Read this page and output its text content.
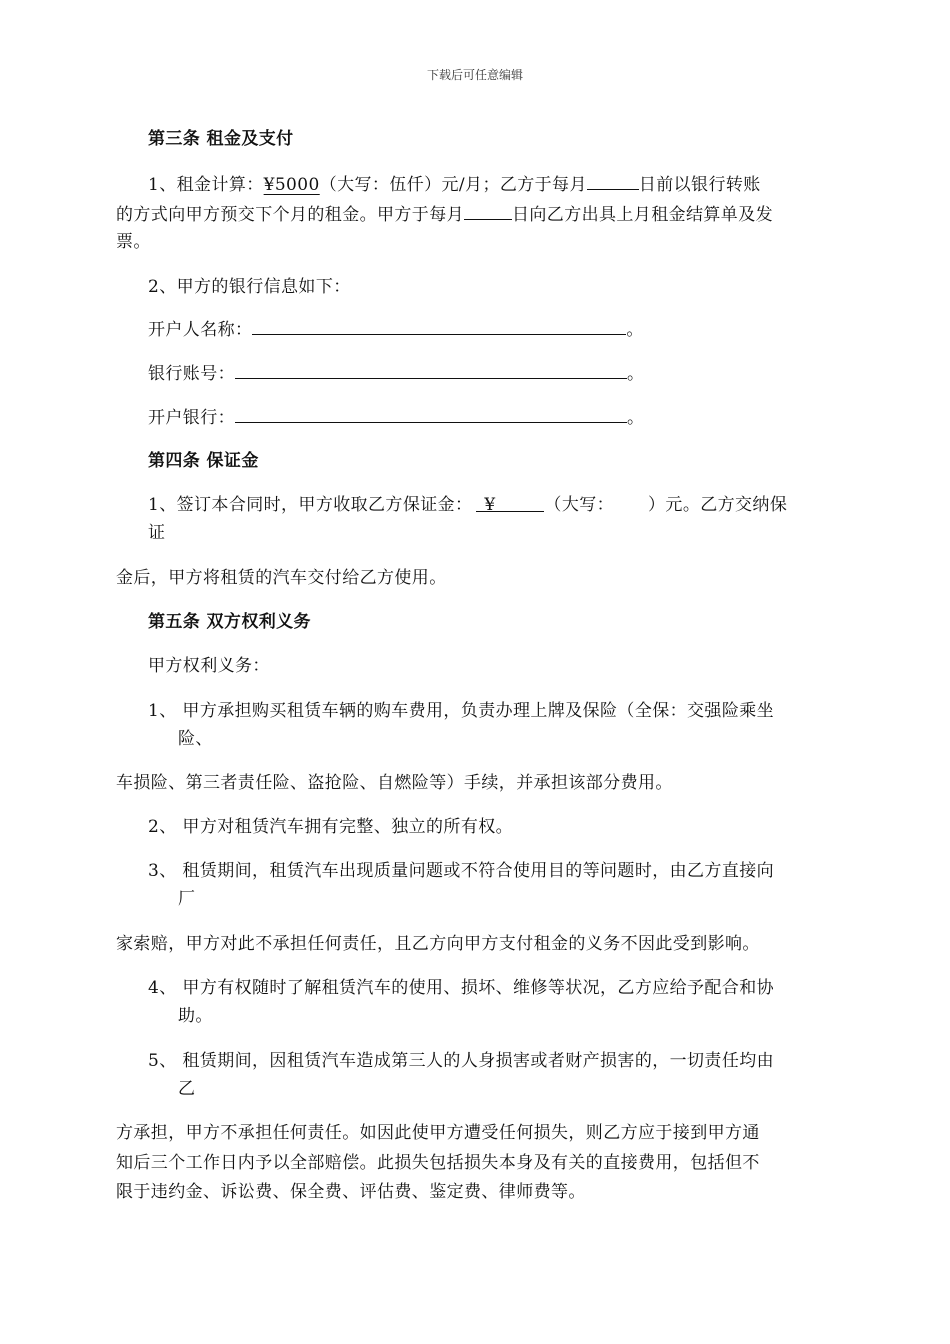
下载后可任意编辑
第三条 租金及支付
1、租金计算：¥5000（大写：伍仟）元/月；乙方于每月	日前以银行转账
的方式向甲方预交下个月的租金。甲方于每月	日向乙方出具上月租金结算单及发
票。
2、甲方的银行信息如下：
开户人名称：	。
银行账号：	。
开户银行：	。
第四条 保证金
1、签订本合同时，甲方收取乙方保证金： ¥	（大写： ）元。乙方交纳保
证
金后，甲方将租赁的汽车交付给乙方使用。
第五条 双方权利义务
甲方权利义务：
1、 甲方承担购买租赁车辆的购车费用，负责办理上牌及保险（全保：交强险乘坐
险、
车损险、第三者责任险、盗抢险、自燃险等）手续，并承担该部分费用。
2、 甲方对租赁汽车拥有完整、独立的所有权。
3、 租赁期间，租赁汽车出现质量问题或不符合使用目的等问题时，由乙方直接向
厂
家索赔，甲方对此不承担任何责任，且乙方向甲方支付租金的义务不因此受到影响。
4、 甲方有权随时了解租赁汽车的使用、损坏、维修等状况，乙方应给予配合和协
助。
5、 租赁期间，因租赁汽车造成第三人的人身损害或者财产损害的，一切责任均由
乙
方承担，甲方不承担任何责任。如因此使甲方遭受任何损失，则乙方应于接到甲方通
知后三个工作日内予以全部赔偿。此损失包括损失本身及有关的直接费用，包括但不
限于违约金、诉讼费、保全费、评估费、鉴定费、律师费等。
